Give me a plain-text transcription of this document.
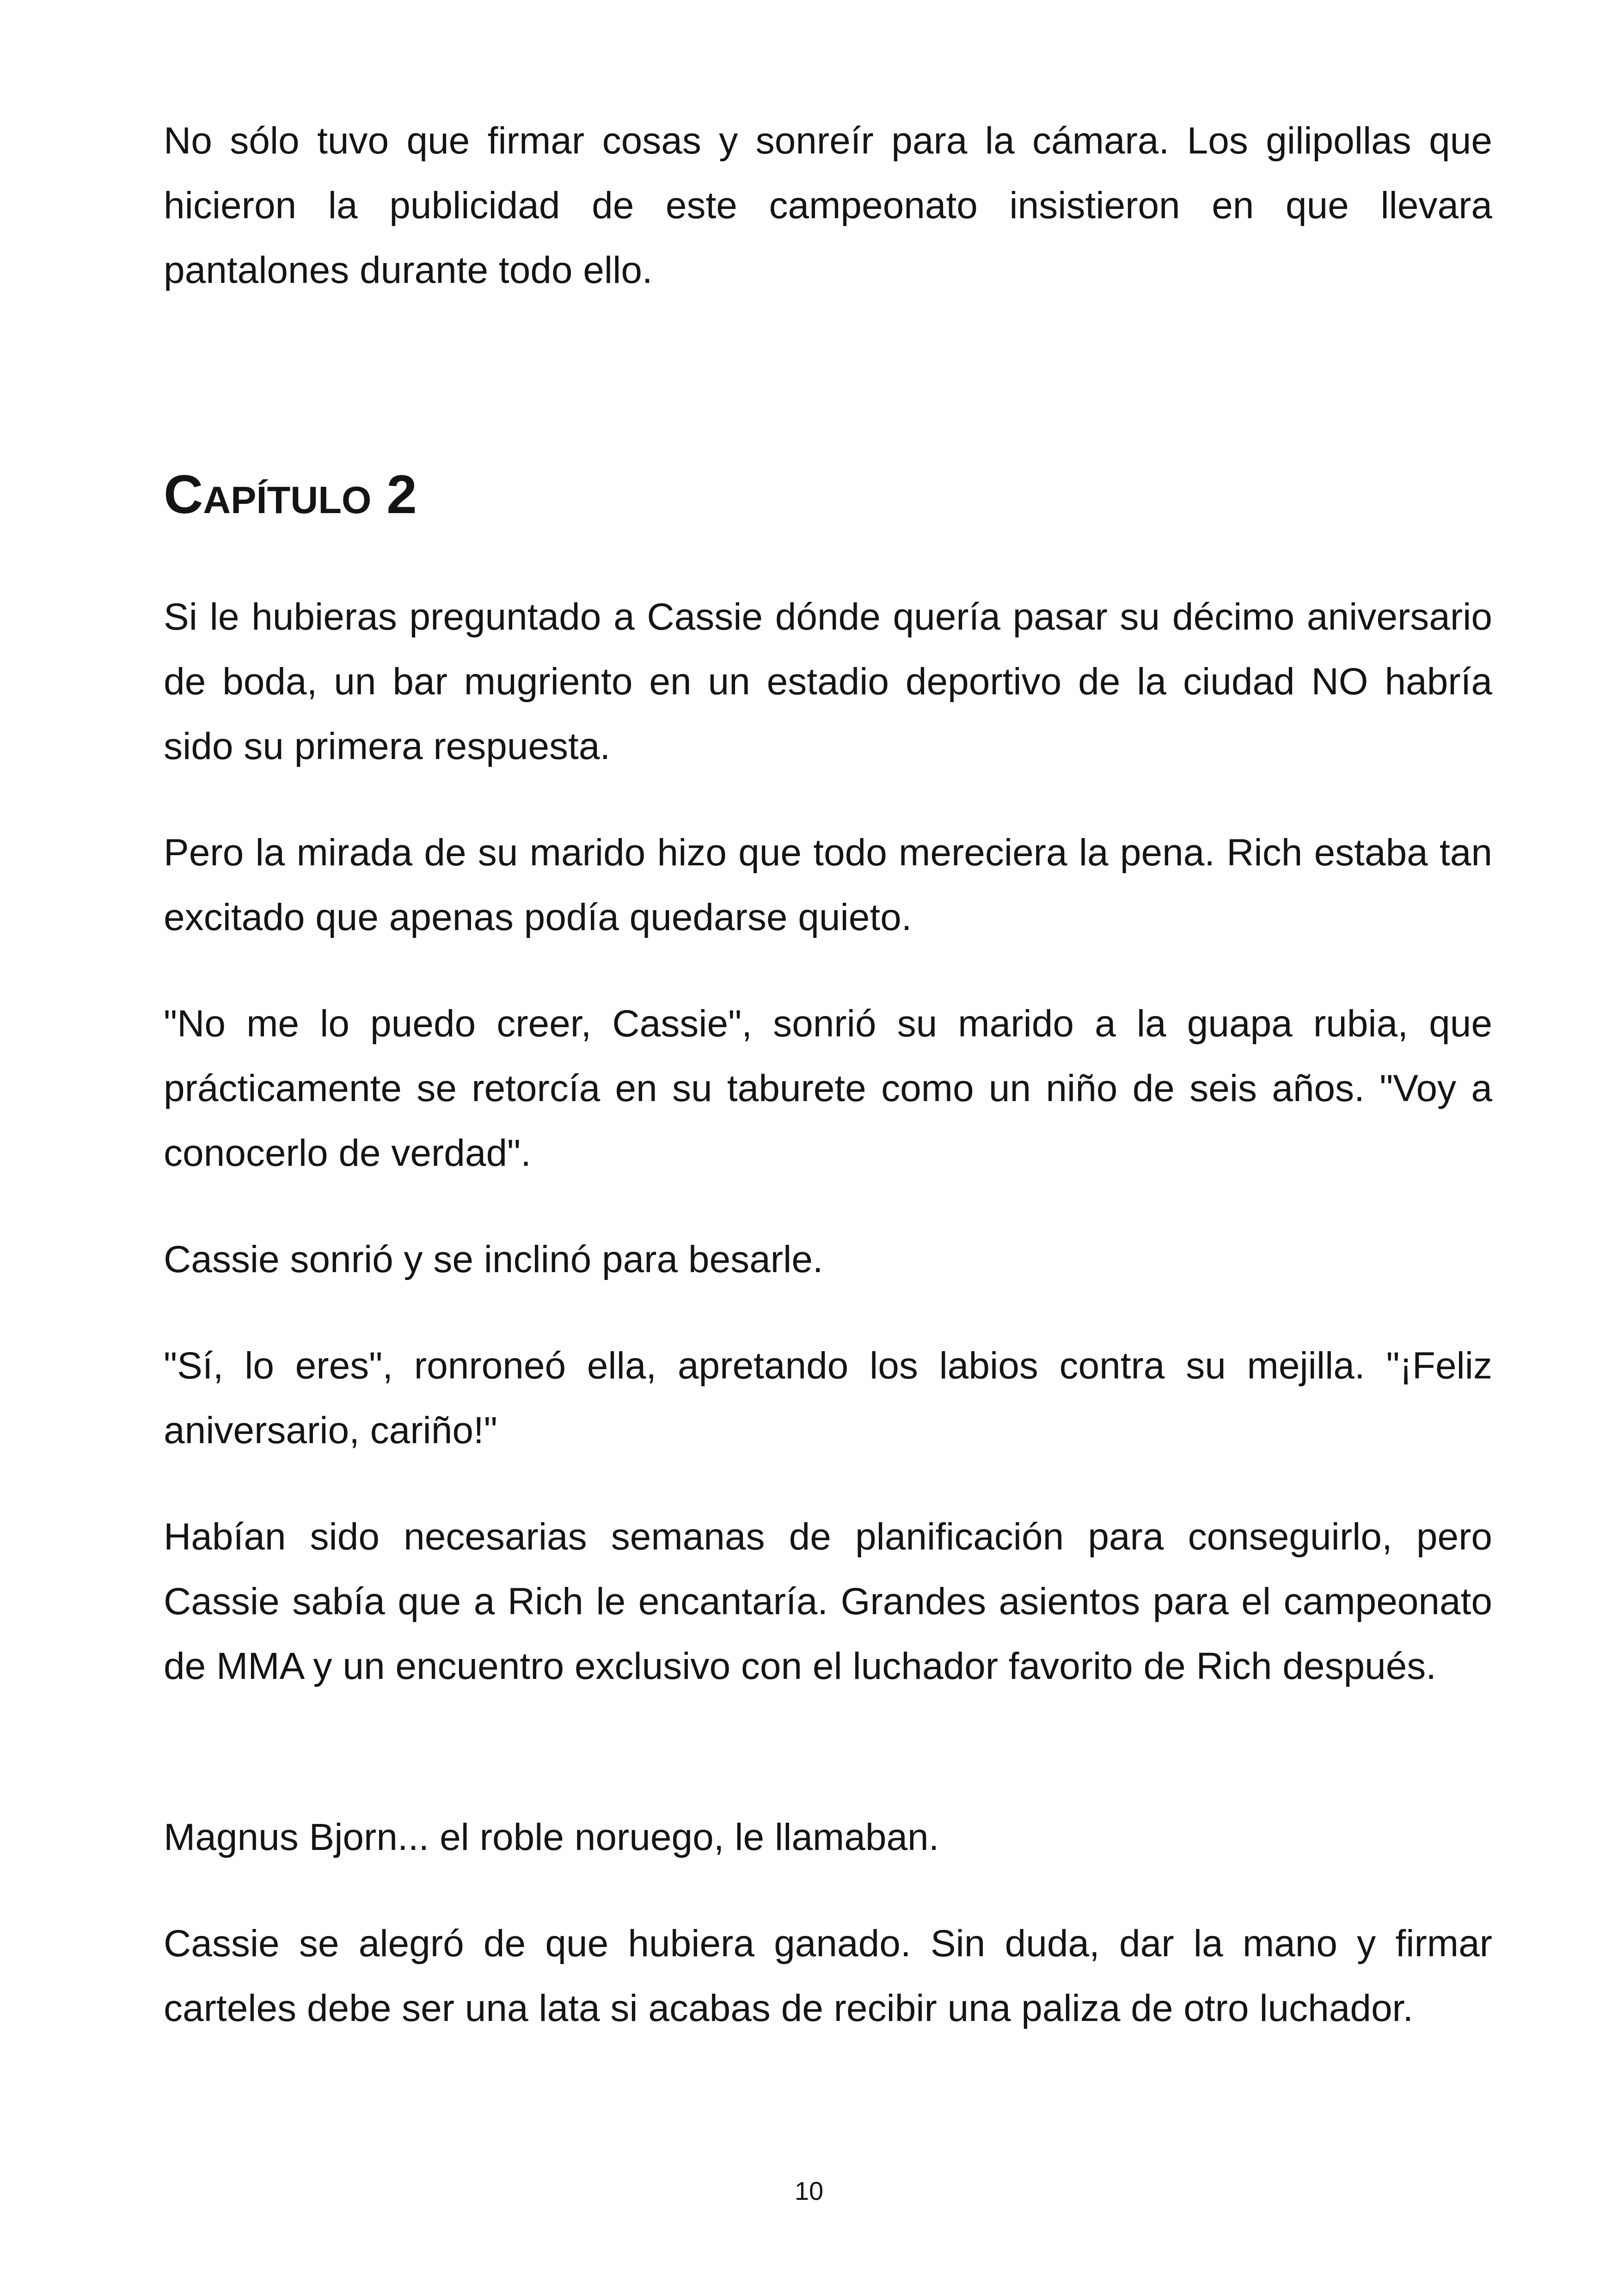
No sólo tuvo que firmar cosas y sonreír para la cámara. Los gilipollas que hicieron la publicidad de este campeonato insistieron en que llevara pantalones durante todo ello.

Capítulo 2

Si le hubieras preguntado a Cassie dónde quería pasar su décimo aniversario de boda, un bar mugriento en un estadio deportivo de la ciudad NO habría sido su primera respuesta.

Pero la mirada de su marido hizo que todo mereciera la pena. Rich estaba tan excitado que apenas podía quedarse quieto.

"No me lo puedo creer, Cassie", sonrió su marido a la guapa rubia, que prácticamente se retorcía en su taburete como un niño de seis años. "Voy a conocerlo de verdad".

Cassie sonrió y se inclinó para besarle.

"Sí, lo eres", ronroneó ella, apretando los labios contra su mejilla. "¡Feliz aniversario, cariño!"

Habían sido necesarias semanas de planificación para conseguirlo, pero Cassie sabía que a Rich le encantaría. Grandes asientos para el campeonato de MMA y un encuentro exclusivo con el luchador favorito de Rich después.

Magnus Bjorn... el roble noruego, le llamaban.

Cassie se alegró de que hubiera ganado. Sin duda, dar la mano y firmar carteles debe ser una lata si acabas de recibir una paliza de otro luchador.

10
